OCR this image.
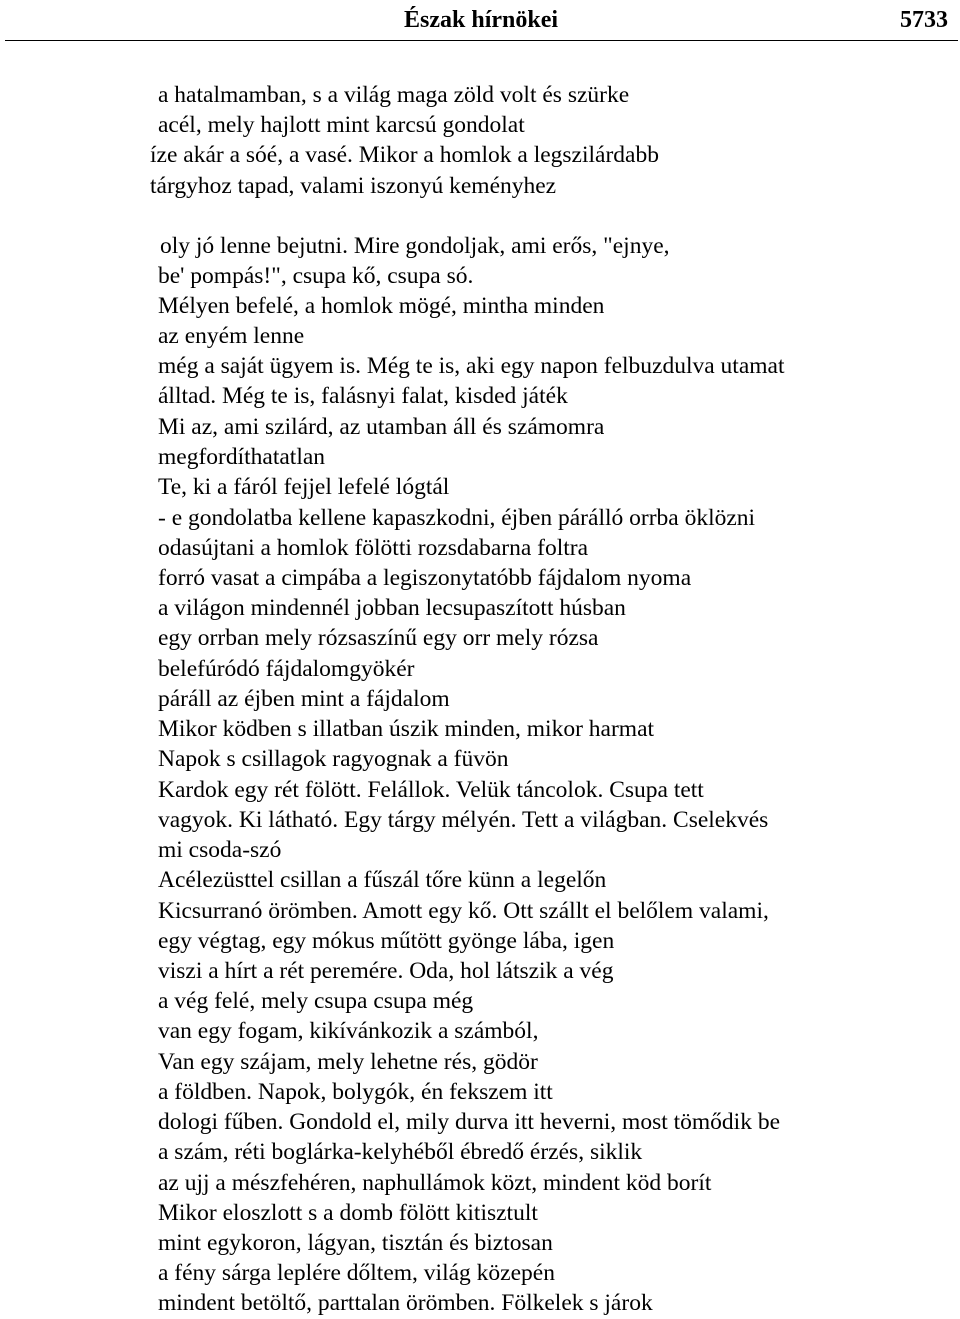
Észak hírnökei	5733
a hatalmamban, s a világ maga zöld volt és szürke
acél, mely hajlott mint karcsú gondolat
íze akár a sóé, a vasé. Mikor a homlok a legszilárdabb
tárgyhoz tapad, valami iszonyú keményhez
oly jó lenne bejutni. Mire gondoljak, ami erős, "ejnye,
be' pompás!", csupa kő, csupa só.
Mélyen befelé, a homlok mögé, mintha minden
az enyém lenne
még a saját ügyem is. Még te is, aki egy napon felbuzdulva utamat
álltad. Még te is, falásnyi falat, kisded játék
Mi az, ami szilárd, az utamban áll és számomra
megfordíthatatlan
Te, ki a fáról fejjel lefelé lógtál
- e gondolatba kellene kapaszkodni, éjben párálló orrba öklözni
odasújtani a homlok fölötti rozsdabarna foltra
forró vasat a cimpába a legiszonytatóbb fájdalom nyoma
a világon mindennél jobban lecsupaszított húsban
egy orrban mely rózsaszínű egy orr mely rózsa
belefúródó fájdalomgyökér
páráll az éjben mint a fájdalom
Mikor ködben s illatban úszik minden, mikor harmat
Napok s csillagok ragyognak a füvön
Kardok egy rét fölött. Felállok. Velük táncolok. Csupa tett
vagyok. Ki látható. Egy tárgy mélyén. Tett a világban. Cselekvés
mi csoda-szó
Acélezüsttel csillan a fűszál tőre künn a legelőn
Kicsurranó örömben. Amott egy kő. Ott szállt el belőlem valami,
egy végtag, egy mókus műtött gyönge lába, igen
viszi a hírt a rét peremére. Oda, hol látszik a vég
a vég felé, mely csupa csupa még
van egy fogam, kikívánkozik a számból,
Van egy szájam, mely lehetne rés, gödör
a földben. Napok, bolygók, én fekszem itt
dologi fűben. Gondold el, mily durva itt heverni, most tömődik be
a szám, réti boglárka-kelyhéből ébredő érzés, siklik
az ujj a mészfehéren, naphullámok közt, mindent köd borít
Mikor eloszlott s a domb fölött kitisztult
mint egykoron, lágyan, tisztán és biztosan
a fény sárga leplére dőltem, világ közepén
mindent betöltő, parttalan örömben. Fölkelek s járok
